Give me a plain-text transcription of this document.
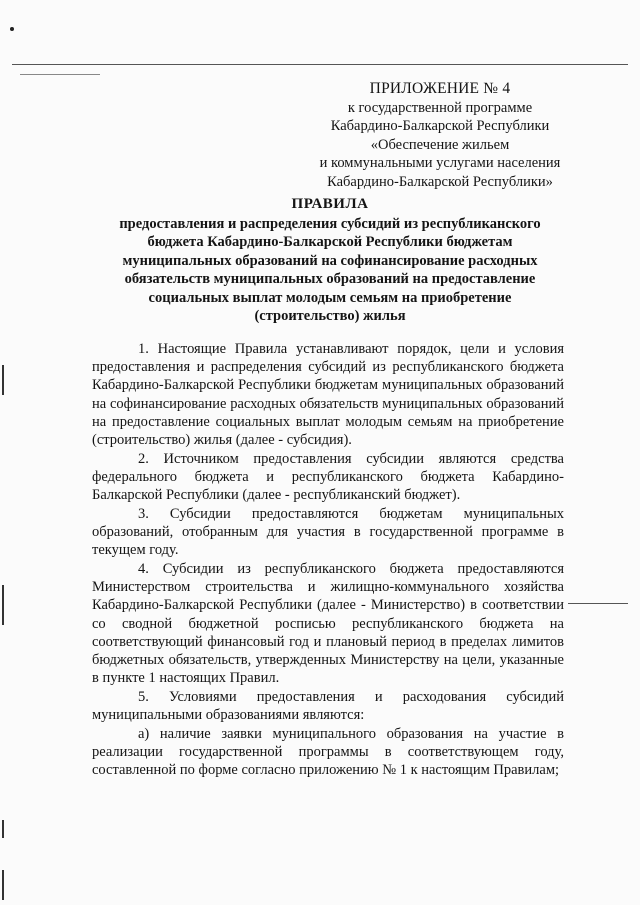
ПРИЛОЖЕНИЕ № 4
к государственной программе
Кабардино-Балкарской Республики
«Обеспечение жильем
и коммунальными услугами населения
Кабардино-Балкарской Республики»
ПРАВИЛА
предоставления и распределения субсидий из республиканского
бюджета Кабардино-Балкарской Республики бюджетам
муниципальных образований на софинансирование расходных
обязательств муниципальных образований на предоставление
социальных выплат молодым семьям на приобретение
(строительство) жилья

1. Настоящие Правила устанавливают порядок, цели и условия предоставления и распределения субсидий из республиканского бюджета Кабардино-Балкарской Республики бюджетам муниципальных образований на софинансирование расходных обязательств муниципальных образований на предоставление социальных выплат молодым семьям на приобретение (строительство) жилья (далее - субсидия).

2. Источником предоставления субсидии являются средства федерального бюджета и республиканского бюджета Кабардино-Балкарской Республики (далее - республиканский бюджет).

3. Субсидии предоставляются бюджетам муниципальных образований, отобранным для участия в государственной программе в текущем году.

4. Субсидии из республиканского бюджета предоставляются Министерством строительства и жилищно-коммунального хозяйства Кабардино-Балкарской Республики (далее - Министерство) в соответствии со сводной бюджетной росписью республиканского бюджета на соответствующий финансовый год и плановый период в пределах лимитов бюджетных обязательств, утвержденных Министерству на цели, указанные в пункте 1 настоящих Правил.

5. Условиями предоставления и расходования субсидий муниципальными образованиями являются:

а) наличие заявки муниципального образования на участие в реализации государственной программы в соответствующем году, составленной по форме согласно приложению № 1 к настоящим Правилам;
